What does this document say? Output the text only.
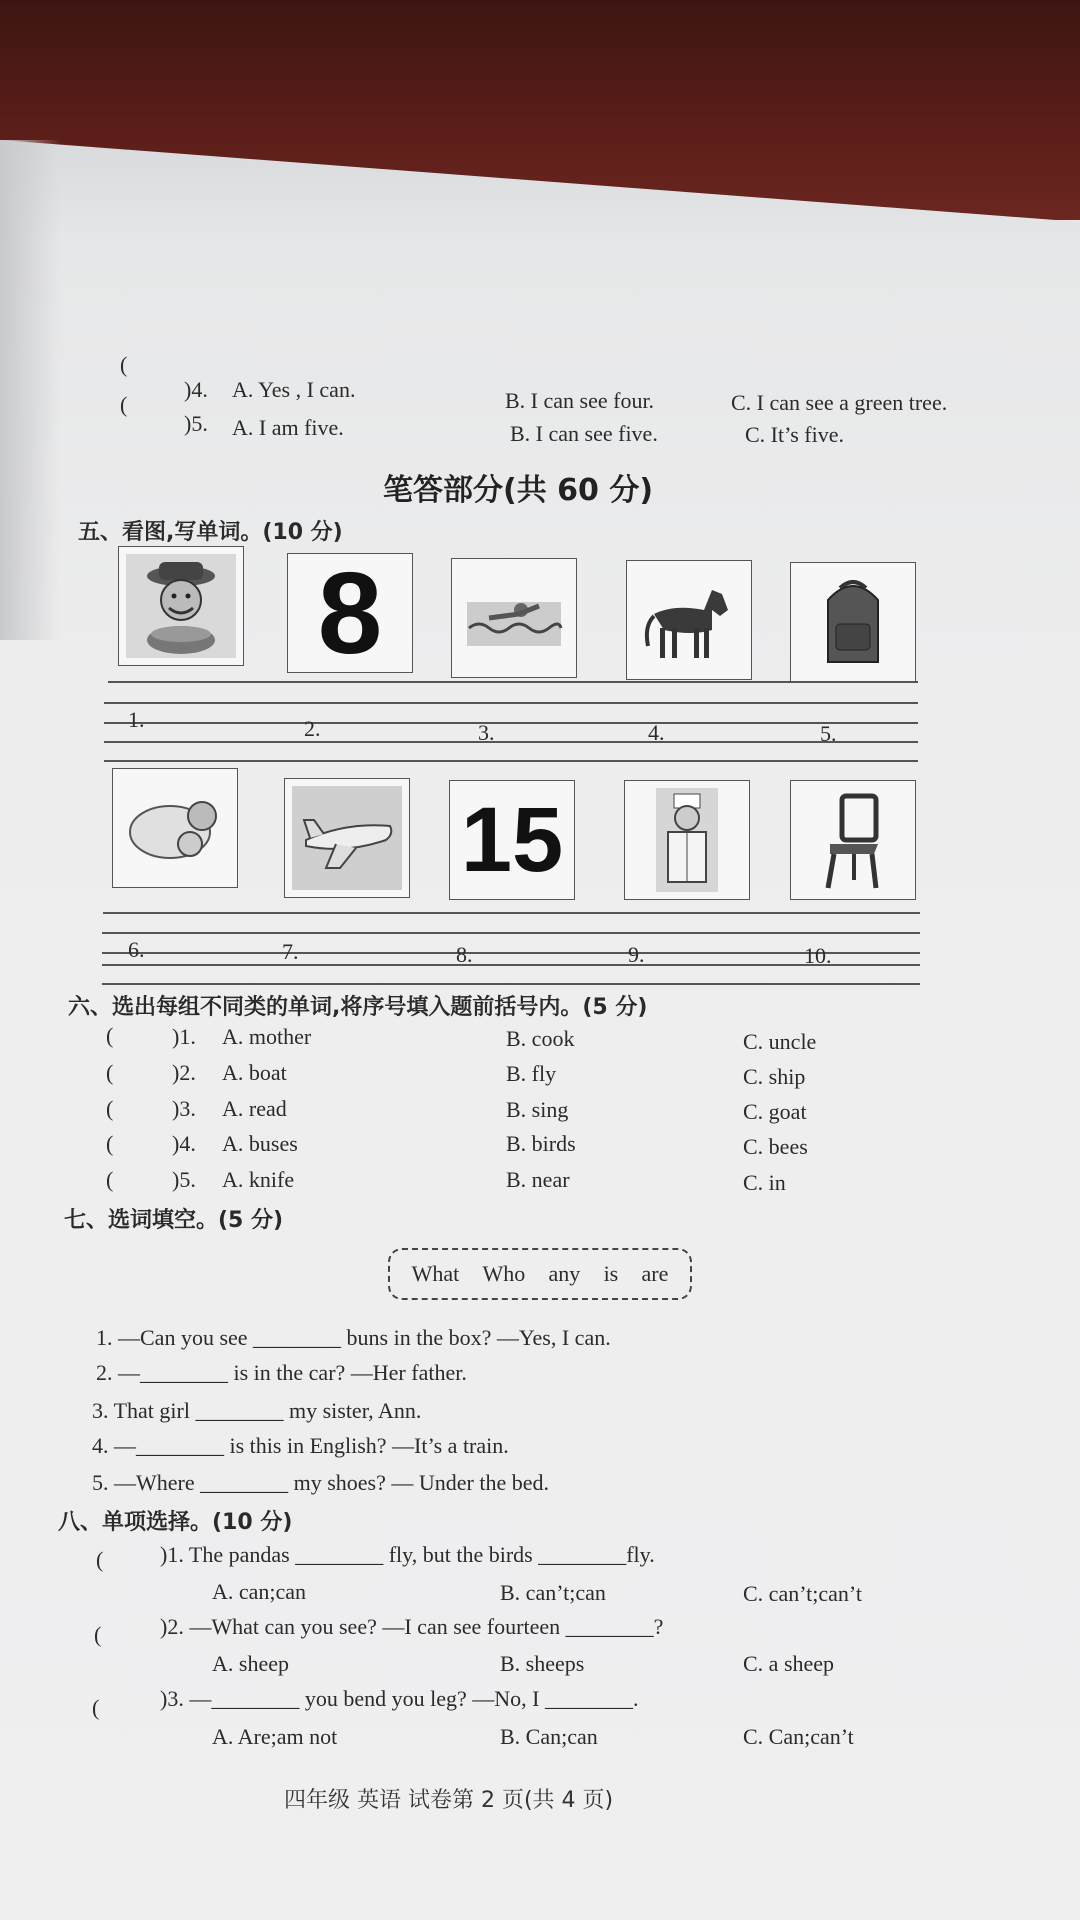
(
)4. A. Yes , I can.	B. I can see four.	C. I can see a green tree.
(
)5. A. I am five.	B. I can see five.	C. It’s five.
笔答部分(共 60 分)
五、看图,写单词。(10 分)
8
1.	2.	3.	4.	5.
15
6.	7.	8.	9.	10.
六、选出每组不同类的单词,将序号填入题前括号内。(5 分)
(	)1. A. mother	B. cook	C. uncle
(	)2. A. boat	B. fly	C. ship
(	)3. A. read	B. sing	C. goat
(	)4. A. buses	B. birds	C. bees
(	)5. A. knife	B. near	C. in
七、选词填空。(5 分)
What Who any is are
1. —Can you see ________ buns in the box? —Yes, I can.
2. —________ is in the car? —Her father.
3. That girl ________ my sister, Ann.
4. —________ is this in English? —It’s a train.
5. —Where ________ my shoes? — Under the bed.
八、单项选择。(10 分)
(	)1. The pandas ________ fly, but the birds ________fly.
A. can;can	B. can’t;can	C. can’t;can’t
(	)2. —What can you see? —I can see fourteen ________?
A. sheep	B. sheeps	C. a sheep
(	)3. —________ you bend you leg? —No, I ________.
A. Are;am not	B. Can;can	C. Can;can’t
四年级 英语 试卷第 2 页(共 4 页)
